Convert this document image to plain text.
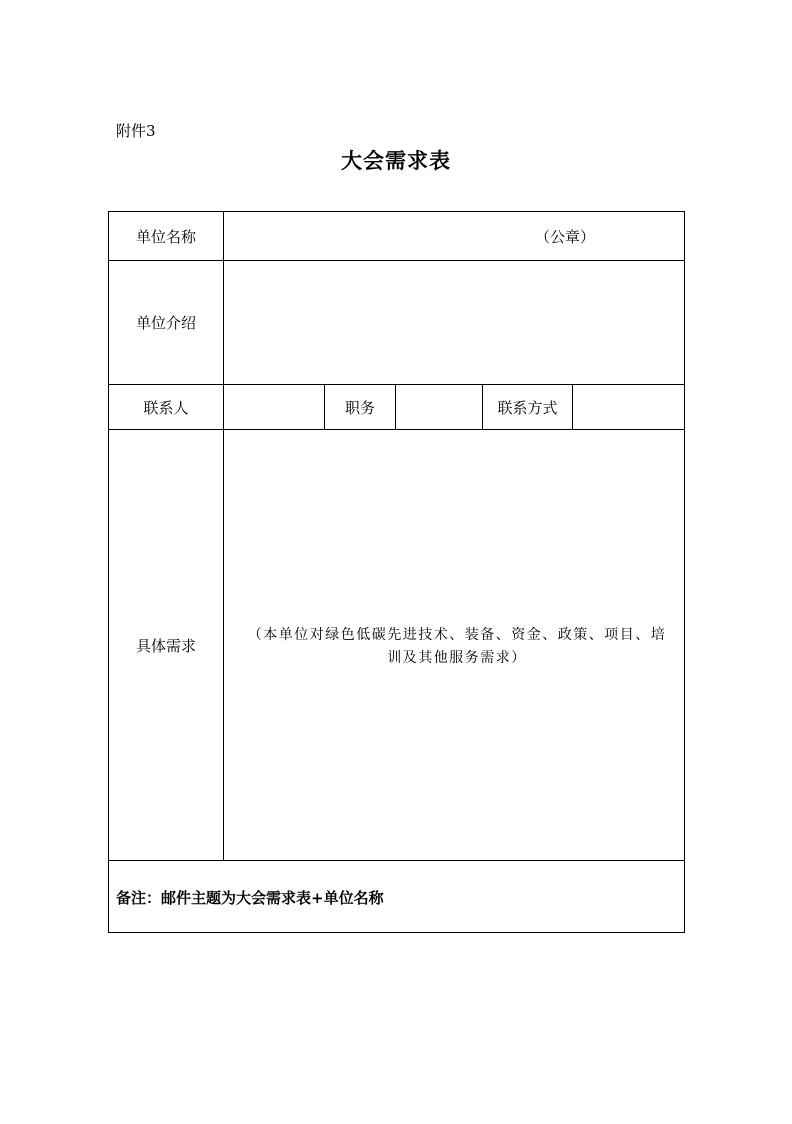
附件3
大会需求表
单位名称	（公章）
单位介绍
联系人	职务	联系方式
具体需求
（本单位对绿色低碳先进技术、装备、资金、政策、项目、培
训及其他服务需求）
备注：邮件主题为大会需求表+单位名称
